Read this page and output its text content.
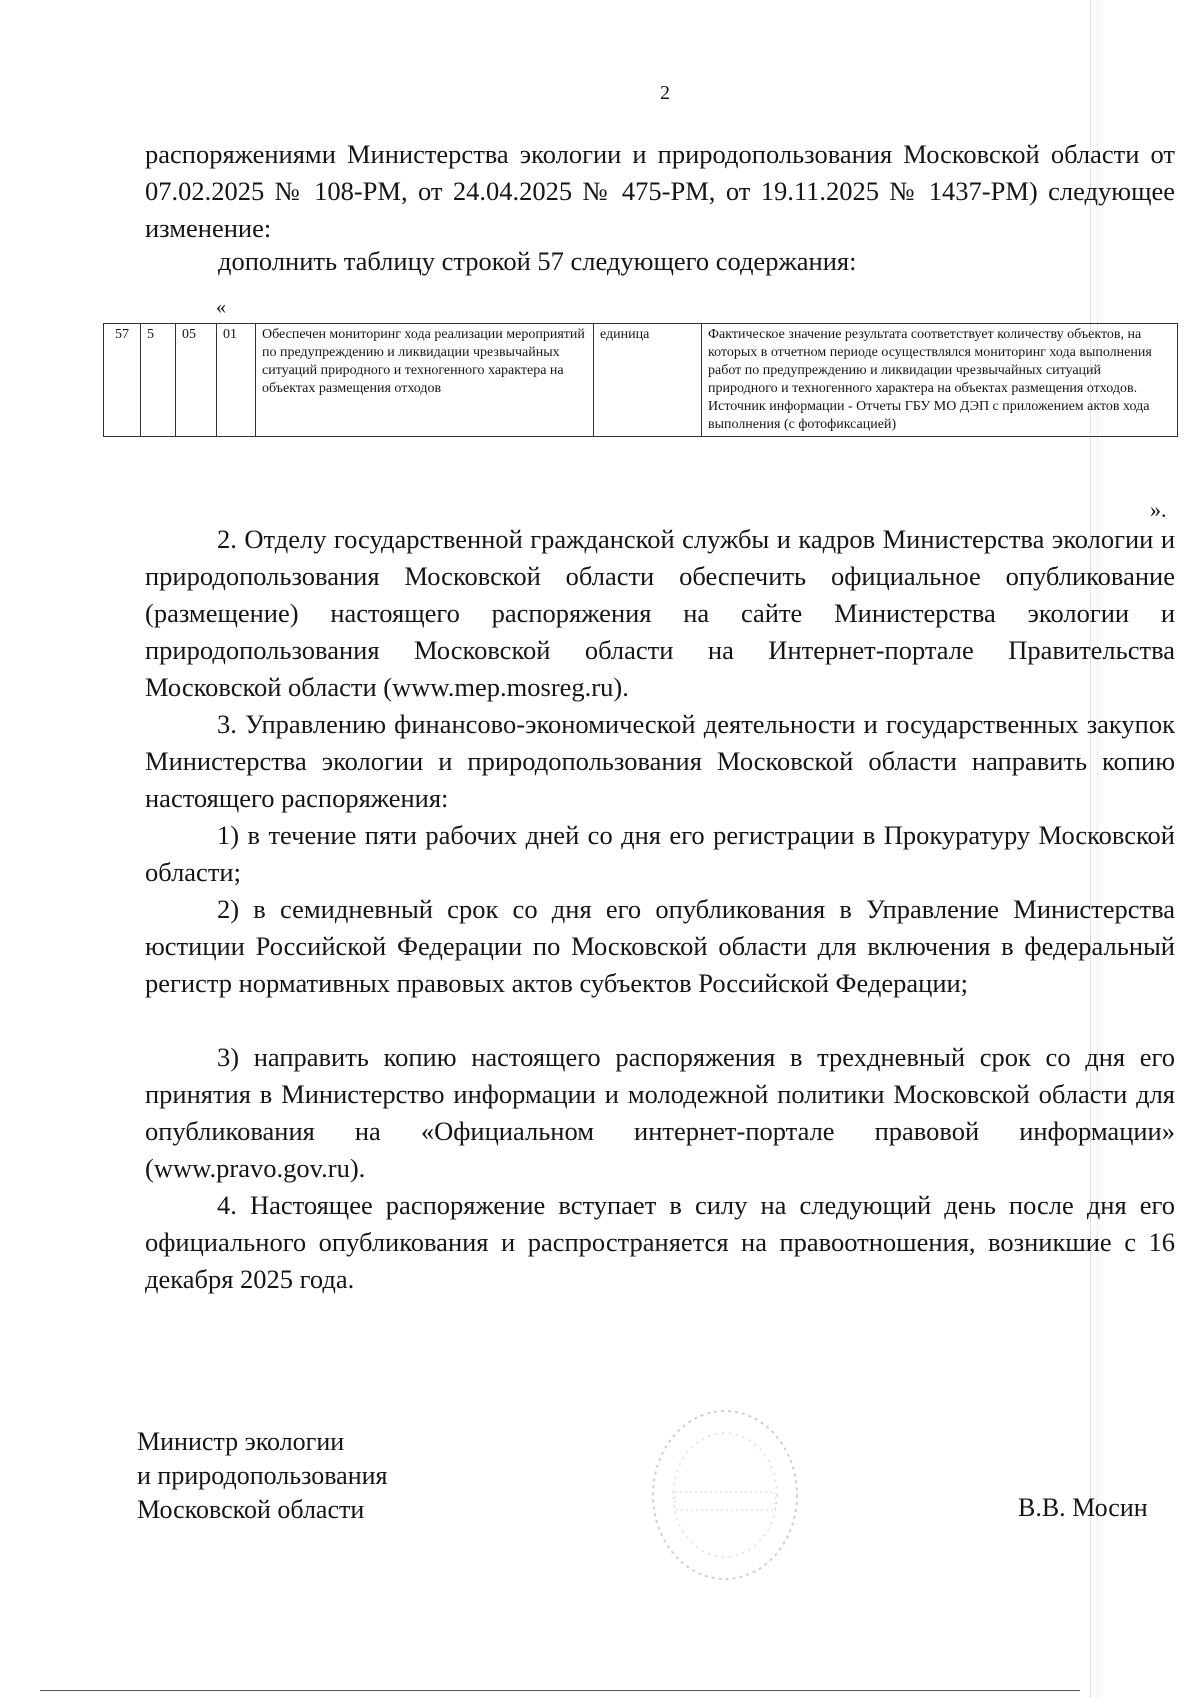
2

распоряжениями Министерства экологии и природопользования Московской области от 07.02.2025 № 108-РМ, от 24.04.2025 № 475-РМ, от 19.11.2025 № 1437-РМ) следующее изменение:

дополнить таблицу строкой 57 следующего содержания:
«
57	5	05	01	Обеспечен мониторинг хода реализации мероприятий по предупреждению и ликвидации чрезвычайных ситуаций природного и техногенного характера на объектах размещения отходов	единица	Фактическое значение результата соответствует количеству объектов, на которых в отчетном периоде осуществлялся мониторинг хода выполнения работ по предупреждению и ликвидации чрезвычайных ситуаций природного и техногенного характера на объектах размещения отходов.
Источник информации - Отчеты ГБУ МО ДЭП с приложением актов хода выполнения (с фотофиксацией)
».

2. Отделу государственной гражданской службы и кадров Министерства экологии и природопользования Московской области обеспечить официальное опубликование (размещение) настоящего распоряжения на сайте Министерства экологии и природопользования Московской области на Интернет-портале Правительства Московской области (www.mep.mosreg.ru).

3. Управлению финансово-экономической деятельности и государственных закупок Министерства экологии и природопользования Московской области направить копию настоящего распоряжения:

1) в течение пяти рабочих дней со дня его регистрации в Прокуратуру Московской области;

2) в семидневный срок со дня его опубликования в Управление Министерства юстиции Российской Федерации по Московской области для включения в федеральный регистр нормативных правовых актов субъектов Российской Федерации;

3) направить копию настоящего распоряжения в трехдневный срок со дня его принятия в Министерство информации и молодежной политики Московской области для опубликования на «Официальном интернет-портале правовой информации» (www.pravo.gov.ru).

4. Настоящее распоряжение вступает в силу на следующий день после дня его официального опубликования и распространяется на правоотношения, возникшие с 16 декабря 2025 года.

Министр экологии
и природопользования
Московской области	В.В. Мосин
